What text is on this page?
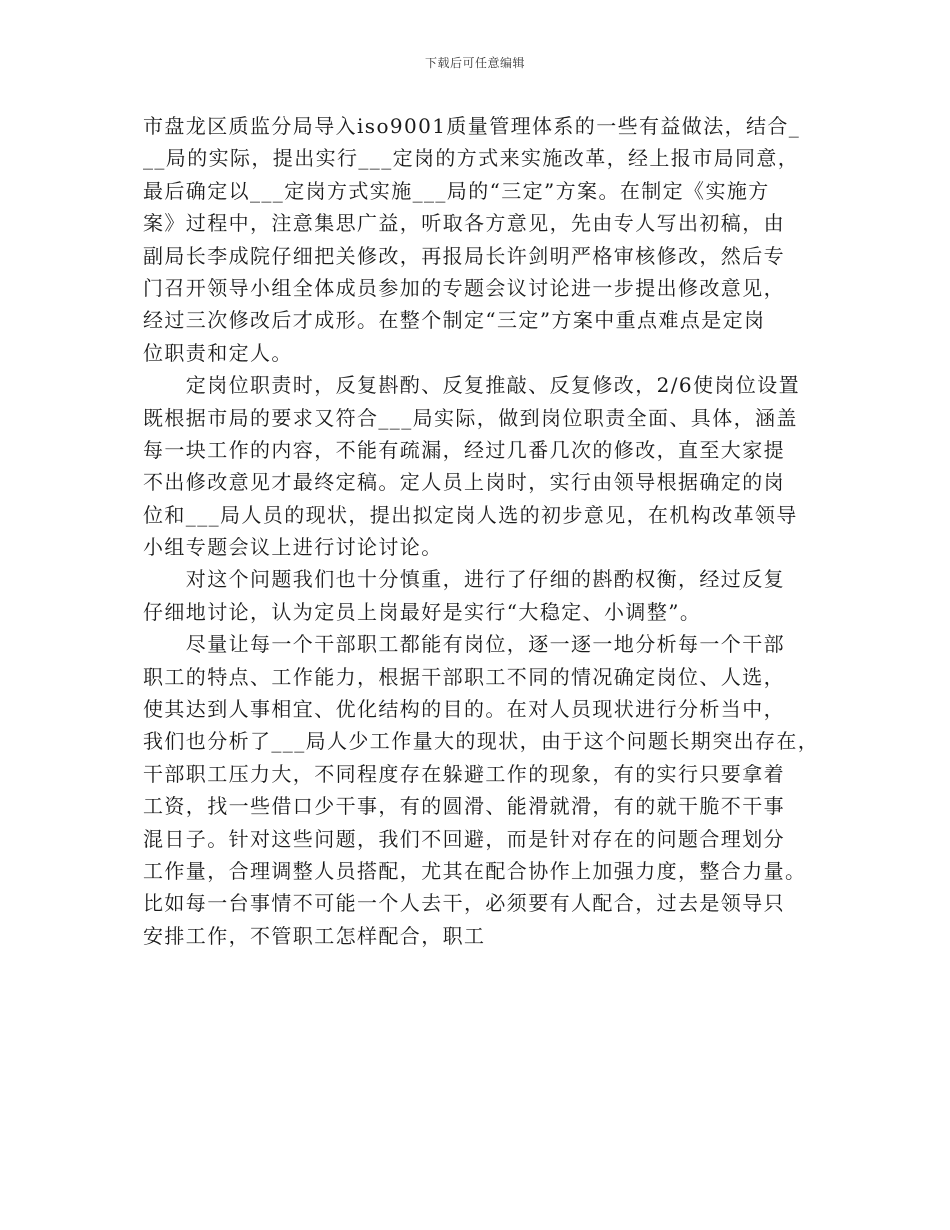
下载后可任意编辑
市盘龙区质监分局导入iso9001质量管理体系的一些有益做法，结合_
__局的实际，提出实行___定岗的方式来实施改革，经上报市局同意，
最后确定以___定岗方式实施___局的“三定”方案。在制定《实施方
案》过程中，注意集思广益，听取各方意见，先由专人写出初稿，由
副局长李成院仔细把关修改，再报局长许剑明严格审核修改，然后专
门召开领导小组全体成员参加的专题会议讨论进一步提出修改意见，
经过三次修改后才成形。在整个制定“三定”方案中重点难点是定岗
位职责和定人。
　　定岗位职责时，反复斟酌、反复推敲、反复修改，2/6使岗位设置
既根据市局的要求又符合___局实际，做到岗位职责全面、具体，涵盖
每一块工作的内容，不能有疏漏，经过几番几次的修改，直至大家提
不出修改意见才最终定稿。定人员上岗时，实行由领导根据确定的岗
位和___局人员的现状，提出拟定岗人选的初步意见，在机构改革领导
小组专题会议上进行讨论讨论。
　　对这个问题我们也十分慎重，进行了仔细的斟酌权衡，经过反复
仔细地讨论，认为定员上岗最好是实行“大稳定、小调整”。
　　尽量让每一个干部职工都能有岗位，逐一逐一地分析每一个干部
职工的特点、工作能力，根据干部职工不同的情况确定岗位、人选，
使其达到人事相宜、优化结构的目的。在对人员现状进行分析当中，
我们也分析了___局人少工作量大的现状，由于这个问题长期突出存在，
干部职工压力大，不同程度存在躲避工作的现象，有的实行只要拿着
工资，找一些借口少干事，有的圆滑、能滑就滑，有的就干脆不干事
混日子。针对这些问题，我们不回避，而是针对存在的问题合理划分
工作量，合理调整人员搭配，尤其在配合协作上加强力度，整合力量。
比如每一台事情不可能一个人去干，必须要有人配合，过去是领导只
安排工作，不管职工怎样配合，职工
